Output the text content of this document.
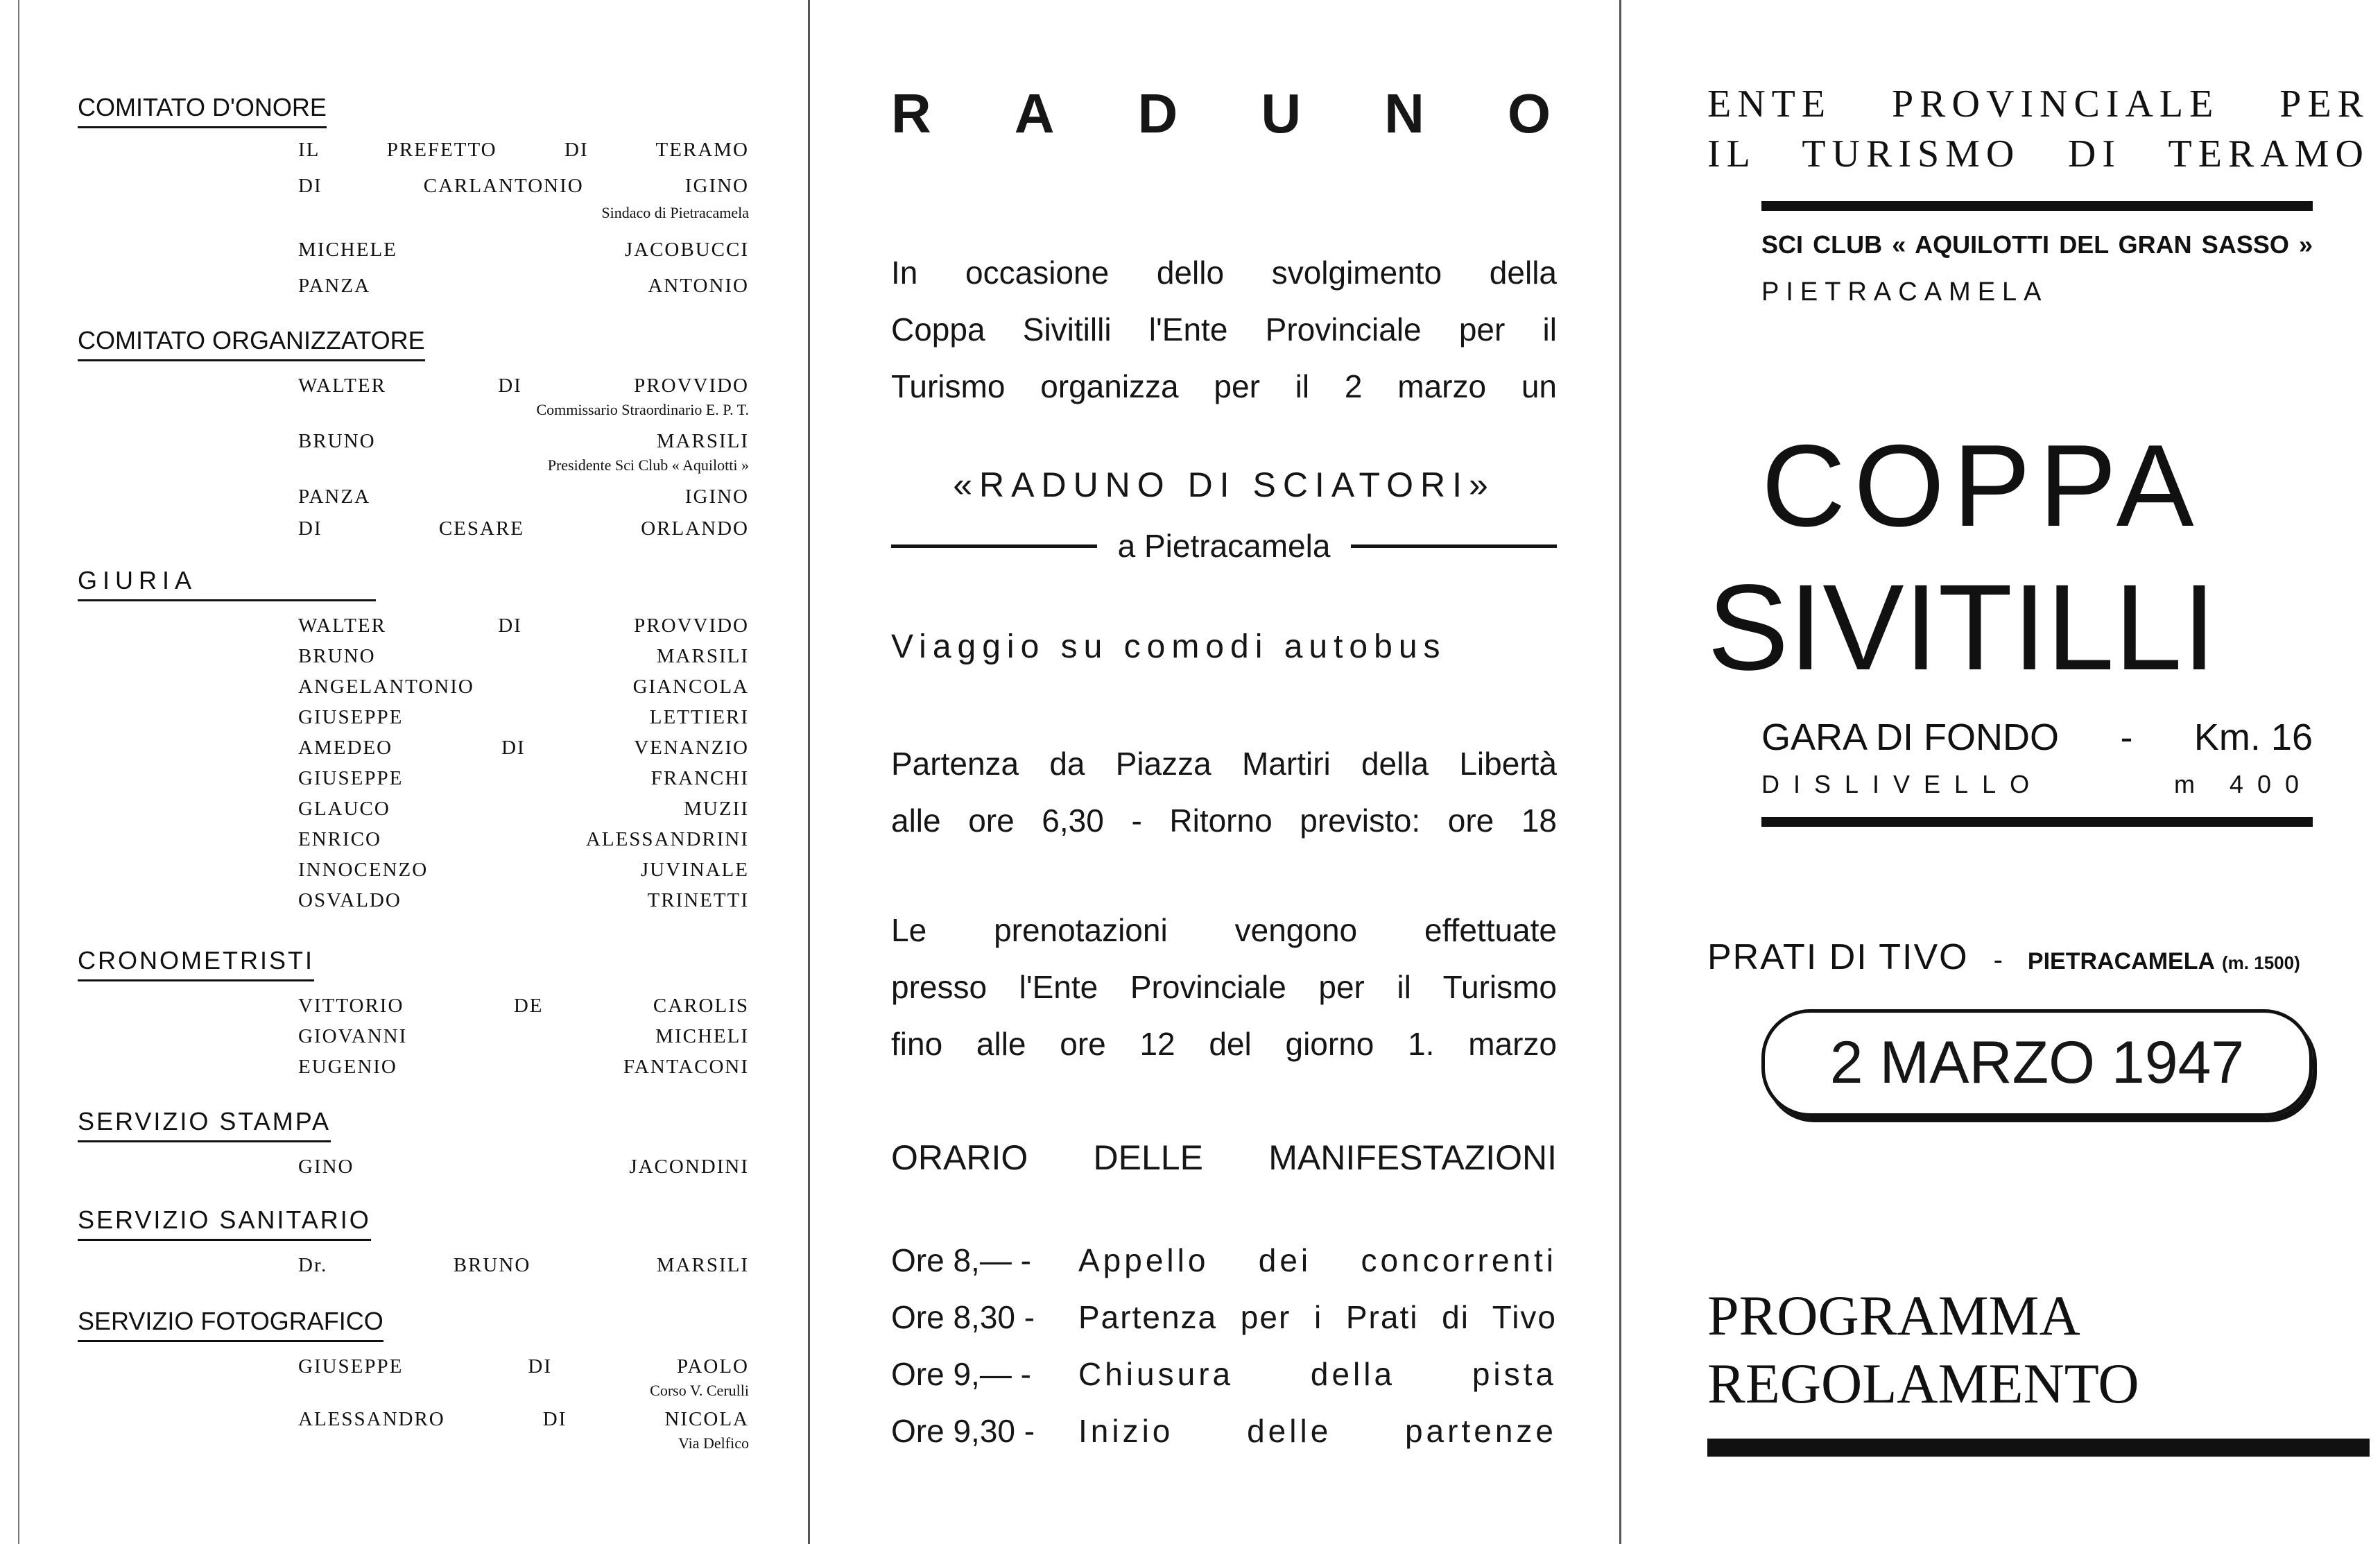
COMITATO D'ONORE
IL PREFETTO DI TERAMO
DI CARLANTONIO IGINO
Sindaco di Pietracamela
MICHELE JACOBUCCI
PANZA ANTONIO
COMITATO ORGANIZZATORE
WALTER DI PROVVIDO
Commissario Straordinario E. P. T.
BRUNO MARSILI
Presidente Sci Club « Aquilotti »
PANZA IGINO
DI CESARE ORLANDO
GIURIA
WALTER DI PROVVIDO
BRUNO MARSILI
ANGELANTONIO GIANCOLA
GIUSEPPE LETTIERI
AMEDEO DI VENANZIO
GIUSEPPE FRANCHI
GLAUCO MUZII
ENRICO ALESSANDRINI
INNOCENZO JUVINALE
OSVALDO TRINETTI
CRONOMETRISTI
VITTORIO DE CAROLIS
GIOVANNI MICHELI
EUGENIO FANTACONI
SERVIZIO STAMPA
GINO JACONDINI
SERVIZIO SANITARIO
Dr. BRUNO MARSILI
SERVIZIO FOTOGRAFICO
GIUSEPPE DI PAOLO
Corso V. Cerulli
ALESSANDRO DI NICOLA
Via Delfico
RADUNO

In occasione dello svolgimento della
Coppa Sivitilli l'Ente Provinciale per il
Turismo organizza per il 2 marzo un

«RADUNO DI SCIATORI»
a Pietracamela
Viaggio su comodi autobus

Partenza da Piazza Martiri della Libertà
alle ore 6,30 - Ritorno previsto: ore 18

Le prenotazioni vengono effettuate
presso l'Ente Provinciale per il Turismo
fino alle ore 12 del giorno 1. marzo

ORARIO DELLE MANIFESTAZIONI
Ore 8,— -	Appello dei concorrenti
Ore 8,30 -	Partenza per i Prati di Tivo
Ore 9,— -	Chiusura della pista
Ore 9,30 -	Inizio delle partenze
ENTE PROVINCIALE PER
IL TURISMO DI TERAMO
SCI CLUB « AQUILOTTI DEL GRAN SASSO »
PIETRACAMELA
COPPA
SIVITILLI
GARA DI FONDO - Km. 16
DISLIVELLO	m 400
PRATI DI TIVO - PIETRACAMELA (m. 1500)
2 MARZO 1947
PROGRAMMA
REGOLAMENTO
